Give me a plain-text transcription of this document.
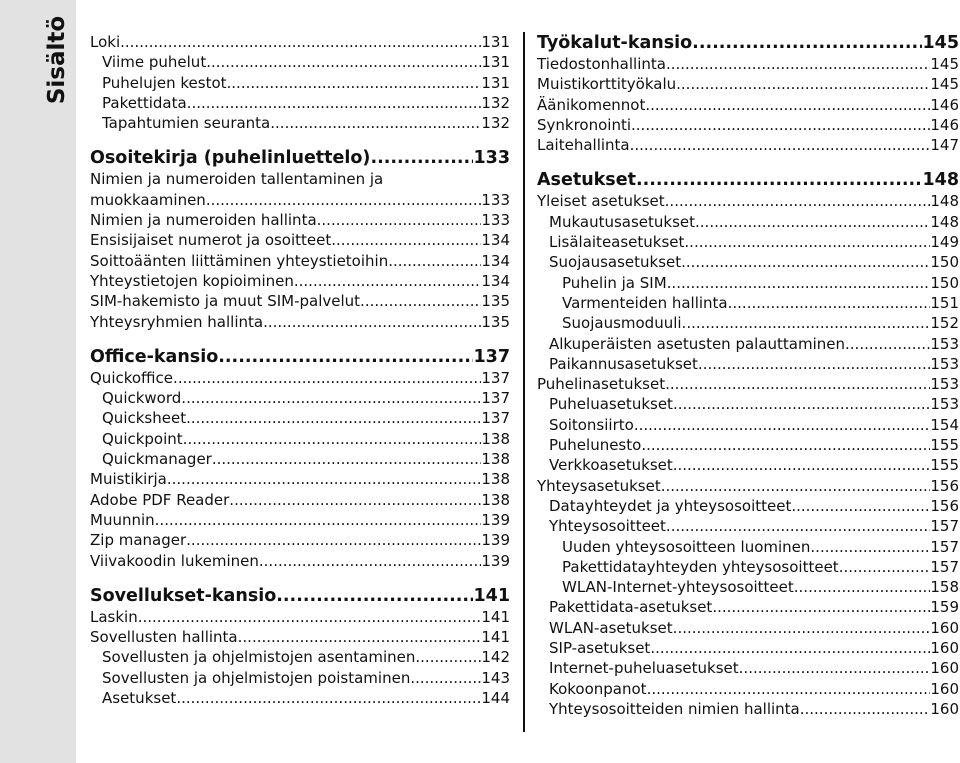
Sisältö Loki .....	131
Viime puhelut .....	131
Puhelujen kestot .....	131
Pakettidata .....	132
Tapahtumien seuranta .....	132
Osoitekirja (puhelinluettelo) .....	133
Nimien ja numeroiden tallentaminen ja
muokkaaminen .....	133
Nimien ja numeroiden hallinta .....	133
Ensisijaiset numerot ja osoitteet .....	134
Soittoäänten liittäminen yhteystietoihin .....	134
Yhteystietojen kopioiminen .....	134
SIM-hakemisto ja muut SIM-palvelut .....	135
Yhteysryhmien hallinta .....	135
Office-kansio .....	137
Quickoffice .....	137
Quickword .....	137
Quicksheet .....	137
Quickpoint .....	138
Quickmanager .....	138
Muistikirja .....	138
Adobe PDF Reader .....	138
Muunnin .....	139
Zip manager .....	139
Viivakoodin lukeminen .....	139
Sovellukset-kansio .....	141
Laskin .....	141
Sovellusten hallinta .....	141
Sovellusten ja ohjelmistojen asentaminen .....	142
Sovellusten ja ohjelmistojen poistaminen .....	143
Asetukset .....	144
Työkalut-kansio .....	145
Tiedostonhallinta .....	145
Muistikorttityökalu .....	145
Äänikomennot .....	146
Synkronointi .....	146
Laitehallinta .....	147
Asetukset .....	148
Yleiset asetukset .....	148
Mukautusasetukset .....	148
Lisälaiteasetukset .....	149
Suojausasetukset .....	150
Puhelin ja SIM .....	150
Varmenteiden hallinta .....	151
Suojausmoduuli .....	152
Alkuperäisten asetusten palauttaminen .....	153
Paikannusasetukset .....	153
Puhelinasetukset .....	153
Puheluasetukset .....	153
Soitonsiirto .....	154
Puhelunesto .....	155
Verkkoasetukset .....	155
Yhteysasetukset .....	156
Datayhteydet ja yhteysosoitteet .....	156
Yhteysosoitteet .....	157
Uuden yhteysosoitteen luominen .....	157
Pakettidatayhteyden yhteysosoitteet .....	157
WLAN-Internet-yhteysosoitteet .....	158
Pakettidata-asetukset .....	159
WLAN-asetukset .....	160
SIP-asetukset .....	160
Internet-puheluasetukset .....	160
Kokoonpanot .....	160
Yhteysosoitteiden nimien hallinta .....	160
